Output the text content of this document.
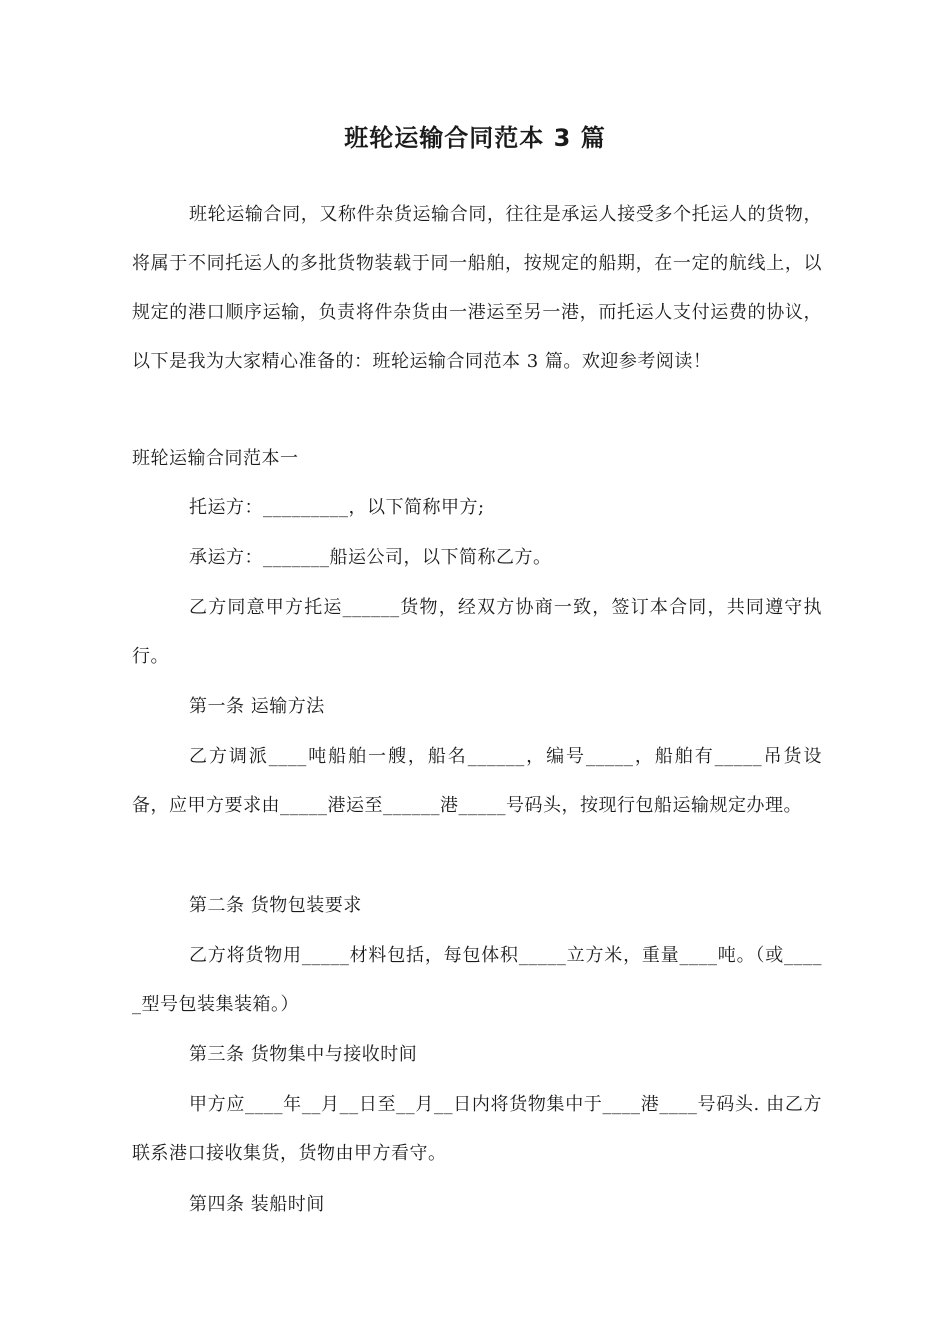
班轮运输合同范本 3 篇
班轮运输合同，又称件杂货运输合同，往往是承运人接受多个托运人的货物，将属于不同托运人的多批货物装载于同一船舶，按规定的船期，在一定的航线上，以规定的港口顺序运输，负责将件杂货由一港运至另一港，而托运人支付运费的协议，以下是我为大家精心准备的：班轮运输合同范本 3 篇。欢迎参考阅读！
班轮运输合同范本一
托运方：_________，以下简称甲方;
承运方：_______船运公司，以下简称乙方。
乙方同意甲方托运______货物，经双方协商一致，签订本合同，共同遵守执行。
第一条 运输方法
乙方调派____吨船舶一艘，船名______，编号_____，船舶有_____吊货设备，应甲方要求由_____港运至______港_____号码头，按现行包船运输规定办理。
第二条 货物包装要求
乙方将货物用_____材料包括，每包体积_____立方米，重量____吨。（或_____型号包装集装箱。）
第三条 货物集中与接收时间
甲方应____年__月__日至__月__日内将货物集中于____港____号码头. 由乙方联系港口接收集货，货物由甲方看守。
第四条 装船时间
